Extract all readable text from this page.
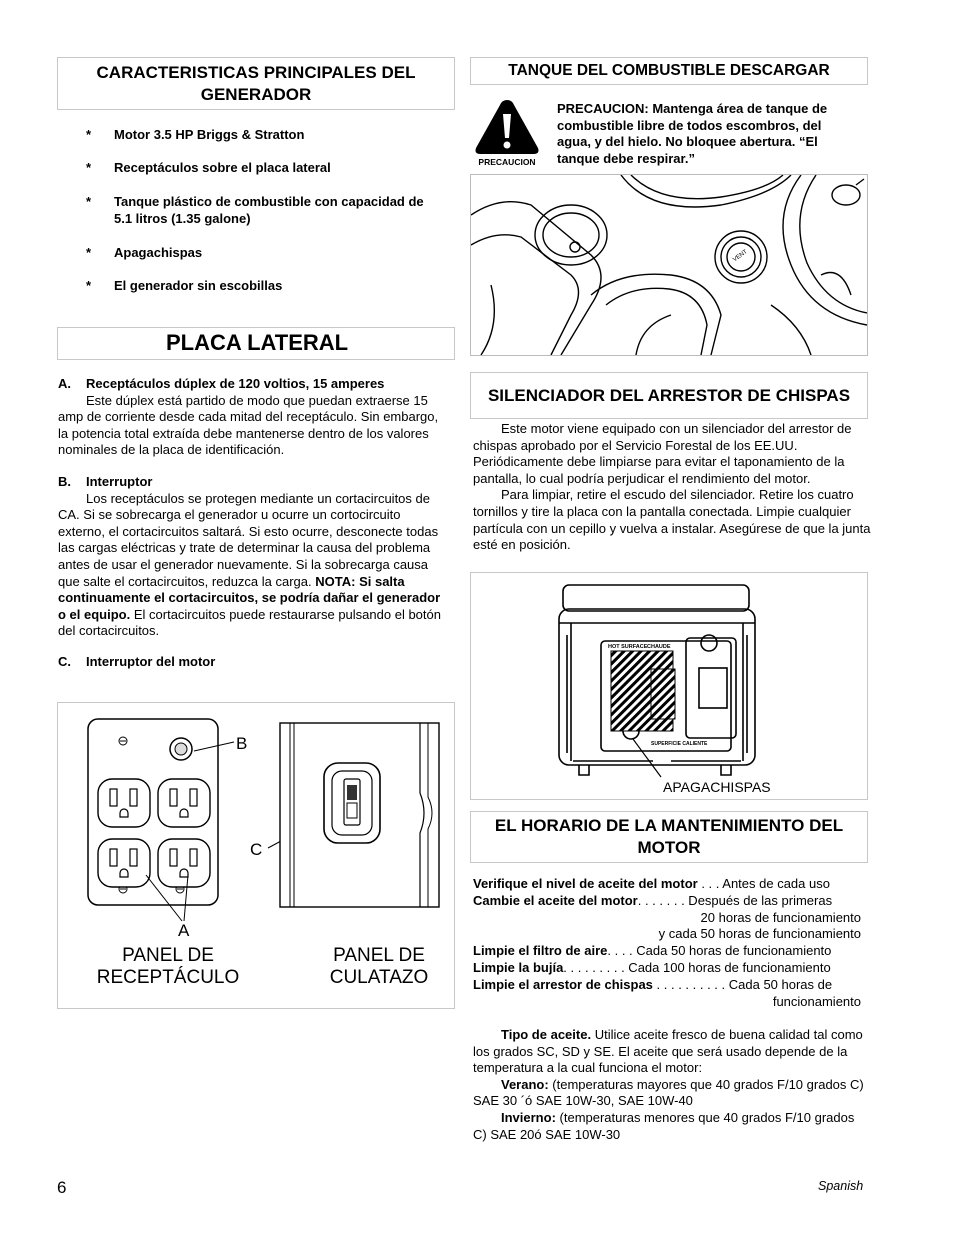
CARACTERISTICAS PRINCIPALES DEL GENERADOR
* Motor 3.5 HP Briggs & Stratton
* Receptáculos sobre el placa lateral
* Tanque plástico de combustible con capacidad de 5.1 litros (1.35 galone)
* Apagachispas
* El generador sin escobillas
PLACA LATERAL
A. Receptáculos dúplex de 120 voltios, 15 amperes
Este dúplex está partido de modo que puedan extraerse 15 amp de corriente desde cada mitad del receptáculo. Sin embargo, la potencia total extraída debe mantenerse dentro de los valores nominales de la placa de identificación.
B. Interruptor
Los receptáculos se protegen mediante un cortacircuitos de CA. Si se sobrecarga el generador u ocurre un cortocircuito externo, el cortacircuitos saltará. Si esto ocurre, desconecte todas las cargas eléctricas y trate de determinar la causa del problema antes de usar el generador nuevamente. Si la sobrecarga causa que salte el cortacircuitos, reduzca la carga. NOTA: Si salta continuamente el cortacircuitos, se podría dañar el generador o el equipo. El cortacircuitos puede restaurarse pulsando el botón del cortacircuitos.
C. Interruptor del motor
B
A
C
PANEL DE
RECEPTÁCULO
PANEL DE
CULATAZO
6
TANQUE DEL COMBUSTIBLE DESCARGAR
PRECAUCION
PRECAUCION: Mantenga área de tanque de combustible libre de todos escombros, del agua, y del hielo. No bloquee abertura. “El tanque debe respirar.”
VENT
SILENCIADOR DEL ARRESTOR DE CHISPAS
Este motor viene equipado con un silenciador del arrestor de chispas aprobado por el Servicio Forestal de los EE.UU. Periódicamente debe limpiarse para evitar el taponamiento de la pantalla, lo cual podría perjudicar el rendimiento del motor.
Para limpiar, retire el escudo del silenciador. Retire los cuatro tornillos y tire la placa con la pantalla conectada. Limpie cualquier partícula con un cepillo y vuelva a instalar. Asegúrese de que la junta esté en posición.
HOT SURFACE CHAUDE
SUPERFICIE CALIENTE
APAGACHISPAS
EL HORARIO DE LA MANTENIMIENTO DEL MOTOR
Verifique el nivel de aceite del motor . . . Antes de cada uso
Cambie el aceite del motor. . . . . . . Después de las primeras
20 horas de funcionamiento
y cada 50 horas de funcionamiento
Limpie el filtro de aire. . . . Cada 50 horas de funcionamiento
Limpie la bujía. . . . . . . . . Cada 100 horas de funcionamiento
Limpie el arrestor de chispas . . . . . . . . . . Cada 50 horas de
funcionamiento
Tipo de aceite. Utilice aceite fresco de buena calidad tal como los grados SC, SD y SE. El aceite que será usado depende de la temperatura a la cual funciona el motor:
Verano: (temperaturas mayores que 40 grados F/10 grados C) SAE 30 ´ó SAE 10W-30, SAE 10W-40
Invierno: (temperaturas menores que 40 grados F/10 grados C) SAE 20ó SAE 10W-30
Spanish
